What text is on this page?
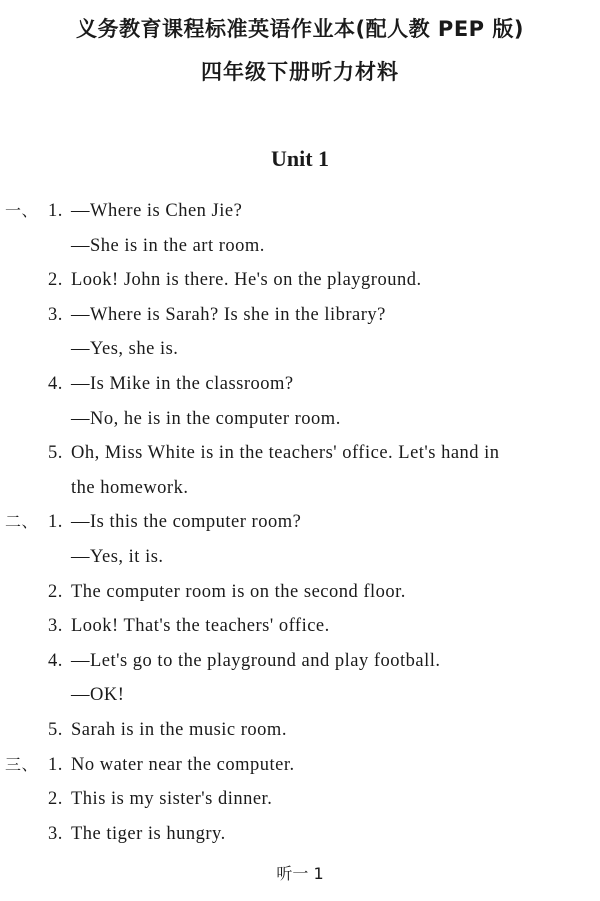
义务教育课程标准英语作业本(配人教 PEP 版)
四年级下册听力材料
Unit 1
一、 1. —Where is Chen Jie?
—She is in the art room.
2. Look! John is there. He's on the playground.
3. —Where is Sarah? Is she in the library?
—Yes, she is.
4. —Is Mike in the classroom?
—No, he is in the computer room.
5. Oh, Miss White is in the teachers' office. Let's hand in
the homework.
二、 1. —Is this the computer room?
—Yes, it is.
2. The computer room is on the second floor.
3. Look! That's the teachers' office.
4. —Let's go to the playground and play football.
—OK!
5. Sarah is in the music room.
三、 1. No water near the computer.
2. This is my sister's dinner.
3. The tiger is hungry.
听一 1
